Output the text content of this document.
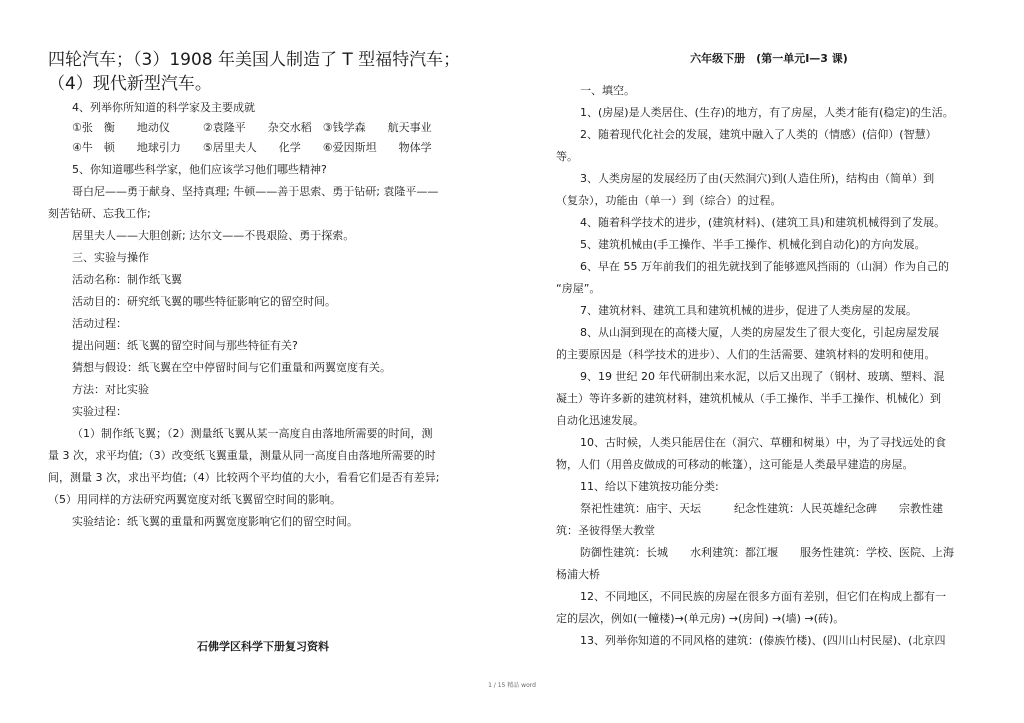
四轮汽车；（3）1908 年美国人制造了 T 型福特汽车；
（4）现代新型汽车。
4、列举你所知道的科学家及主要成就
①张　衡　　地动仪　　　②袁隆平　　杂交水稻　③钱学森　　航天事业
④牛　顿　　地球引力　　⑤居里夫人　　化学　　⑥爱因斯坦　　物体学
5、你知道哪些科学家，他们应该学习他们哪些精神?
哥白尼——勇于献身、坚持真理; 牛顿——善于思索、勇于钻研; 袁隆平——
刻苦钻研、忘我工作;
居里夫人——大胆创新; 达尔文——不畏艰险、勇于探索。
三、实验与操作
活动名称：制作纸飞翼
活动目的：研究纸飞翼的哪些特征影响它的留空时间。
活动过程：
提出问题：纸飞翼的留空时间与那些特征有关?
猜想与假设：纸飞翼在空中停留时间与它们重量和两翼宽度有关。
方法：对比实验
实验过程：
（1）制作纸飞翼；（2）测量纸飞翼从某一高度自由落地所需要的时间，测
量 3 次，求平均值;（3）改变纸飞翼重量，测量从同一高度自由落地所需要的时
间，测量 3 次，求出平均值;（4）比较两个平均值的大小，看看它们是否有差异;
（5）用同样的方法研究两翼宽度对纸飞翼留空时间的影响。
实验结论：纸飞翼的重量和两翼宽度影响它们的留空时间。
石佛学区科学下册复习资料
六年级下册　(第一单元Ⅰ—3 课)
一、填空。
1、(房屋)是人类居住、(生存)的地方，有了房屋，人类才能有(稳定)的生活。
2、随着现代化社会的发展，建筑中融入了人类的（情感）(信仰）(智慧）
等。
3、人类房屋的发展经历了由(天然洞穴)到(人造住所)，结构由（简单）到
（复杂），功能由（单一）到（综合）的过程。
4、随着科学技术的进步，(建筑材料)、(建筑工具)和建筑机械得到了发展。
5、建筑机械由(手工操作、半手工操作、机械化到自动化)的方向发展。
6、早在 55 万年前我们的祖先就找到了能够遮风挡雨的（山洞）作为自己的
“房屋”。
7、建筑材料、建筑工具和建筑机械的进步，促进了人类房屋的发展。
8、从山洞到现在的高楼大厦，人类的房屋发生了很大变化，引起房屋发展
的主要原因是（科学技术的进步）、人们的生活需要、建筑材料的发明和使用。
9、19 世纪 20 年代研制出来水泥，以后又出现了（钢材、玻璃、塑料、混
凝土）等许多新的建筑材料，建筑机械从（手工操作、半手工操作、机械化）到
自动化迅速发展。
10、古时候，人类只能居住在（洞穴、草棚和树巢）中，为了寻找远处的食
物，人们（用兽皮做成的可移动的帐篷），这可能是人类最早建造的房屋。
11、给以下建筑按功能分类:
祭祀性建筑：庙宇、天坛　　　纪念性建筑：人民英雄纪念碑　　宗教性建
筑：圣彼得堡大教堂
防御性建筑：长城　　水利建筑：都江堰　　服务性建筑：学校、医院、上海
杨浦大桥
12、不同地区，不同民族的房屋在很多方面有差别，但它们在构成上都有一
定的层次，例如(一幢楼)→(单元房) →(房间) →(墙) →(砖)。
13、列举你知道的不同风格的建筑：(傣族竹楼)、(四川山村民屋)、(北京四
1 / 15 精品 word
